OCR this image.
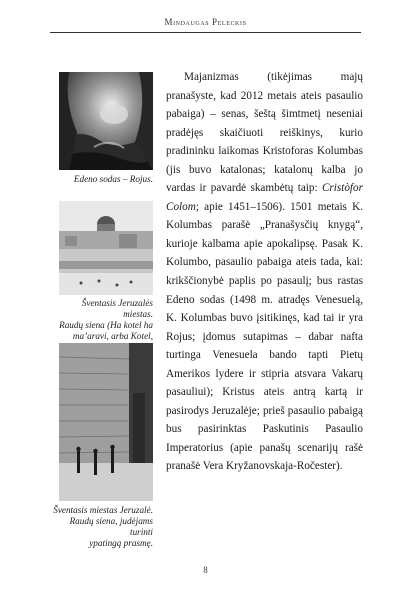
Mindaugas Peleckis
Edeno sodas – Rojus.
Šventasis Jeruzalės miestas.
Raudų siena (Ha kotel ha
ma’aravi, arba Kotel,
Šventasis miestas Jeruzalė.
Raudų siena, judėjams turinti
ypatingą prasmę.

Majanizmas (tikėjimas majų pranašyste, kad 2012 metais ateis pasaulio pabaiga) – senas, šeštą šimtmetį neseniai pradėjęs skaičiuoti reiškinys, kurio pradininku laikomas Kristoforas Kolumbas (jis buvo katalonas; katalonų kalba jo vardas ir pavardė skambėtų taip: Cristòfor Colom; apie 1451–1506). 1501 metais K. Kolumbas parašė „Pranašysčių knygą“, kurioje kalbama apie apokalipsę. Pasak K. Kolumbo, pasaulio pabaiga ateis tada, kai: krikščionybė paplis po pasaulį; bus rastas Edeno sodas (1498 m. atradęs Venesuelą, K. Kolumbas buvo įsitikinęs, kad tai ir yra Rojus; įdomus sutapimas – dabar nafta turtinga Venesuela bando tapti Pietų Amerikos lydere ir stipria atsvara Vakarų pasauliui); Kristus ateis antrą kartą ir pasirodys Jeruzalėje; prieš pasaulio pabaigą bus pasirinktas Paskutinis Pasaulio Imperatorius (apie panašų scenarijų rašė pranašė Vera Kryžanovskaja-Ročester).

8
